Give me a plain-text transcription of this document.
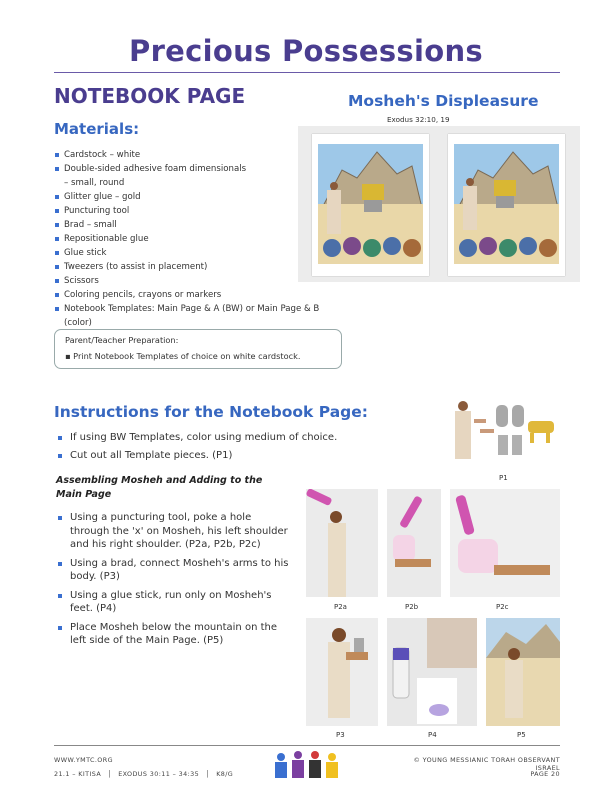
Precious Possessions
NOTEBOOK PAGE	Mosheh's Displeasure
Exodus 32:10, 19
Materials:
Cardstock – white
Double-sided adhesive foam dimensionals
– small, round
Glitter glue – gold
Puncturing tool
Brad – small
Repositionable glue
Glue stick
Tweezers (to assist in placement)
Scissors
Coloring pencils, crayons or markers
Notebook Templates: Main Page & A (BW) or Main Page & B (color)
Parent/Teacher Preparation:
▪ Print Notebook Templates of choice on white cardstock.
Instructions for the Notebook Page:
If using BW Templates, color using medium of choice.
Cut out all Template pieces. (P1)
Assembling Mosheh and Adding to the Main Page
Using a puncturing tool, poke a hole through the 'x' on Mosheh, his left shoulder and his right shoulder. (P2a, P2b, P2c)
Using a brad, connect Mosheh's arms to his body. (P3)
Using a glue stick, run only on Mosheh's feet. (P4)
Place Mosheh below the mountain on the left side of the Main Page. (P5)
P1
P2a	P2b	P2c
P3	P4	P5
WWW.YMTC.ORG
21.1 – KITISA │ EXODUS 30:11 – 34:35 │ K8/G
© YOUNG MESSIANIC TORAH OBSERVANT ISRAEL
PAGE 20
